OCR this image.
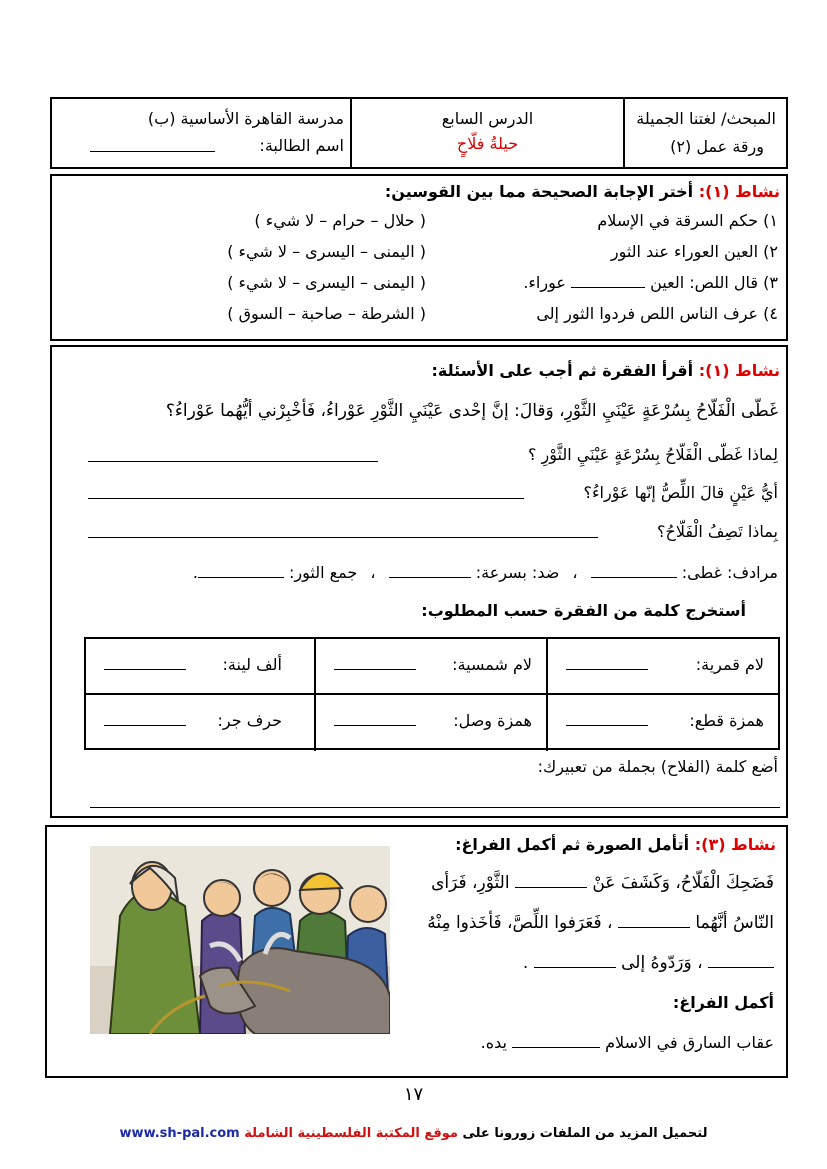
المبحث/ لغتنا الجميلة
ورقة عمل (٢)
الدرس السابع
حيلةُ فلّاحٍ
مدرسة القاهرة الأساسية (ب)
اسم الطالبة:
نشاط (١): أختر الإجابة الصحيحة مما بين القوسين:
١) حكم السرقة في الإسلام
( حلال – حرام – لا شيء )
٢) العين العوراء عند الثور
( اليمنى – اليسرى – لا شيء )
٣) قال اللص: العين  عوراء.
( اليمنى – اليسرى – لا شيء )
٤) عرف الناس اللص فردوا الثور إلى
( الشرطة – صاحبة – السوق )
نشاط (١): أقرأ الفقرة ثم أجب على الأسئلة:
غَطّى الْفَلّاحُ بِسُرْعَةٍ عَيْنَيِ الثَّوْرِ، وَقالَ: إنَّ إحْدى عَيْنَيِ الثَّوْرِ عَوْراءُ، فَأخْبِرْني أيُّهُما عَوْراءُ؟
لِماذا غَطّى الْفَلّاحُ بِسُرْعَةٍ عَيْنَيِ الثَّوْرِ ؟
أيُّ عَيْنٍ قالَ اللِّصُّ إنّها عَوْراءُ؟
بِماذا تَصِفُ الْفَلّاحُ؟
مرادف: غطى:  ، ضد: بسرعة:  ، جمع الثور: .
أستخرج كلمة من الفقرة حسب المطلوب:
أضع كلمة (الفلاح) بجملة من تعبيرك:
لام قمرية:
لام شمسية:
ألف لينة:
همزة قطع:
همزة وصل:
حرف جر:
نشاط (٣): أتأمل الصورة ثم أكمل الفراغ:
فَضَحِكَ الْفَلّاحُ، وَكَشَفَ عَنْ  الثَّوْرِ، فَرَأى
النّاسُ أنَّهُما  ، فَعَرَفوا اللِّصَّ، فَأخَذوا مِنْهُ
، وَرَدّوهُ إلى  .
أكمل الفراغ:
عقاب السارق في الاسلام  يده.
١٧
لتحميل المزيد من الملفات زورونا على موقع المكتبة الفلسطينية الشاملة www.sh-pal.com
